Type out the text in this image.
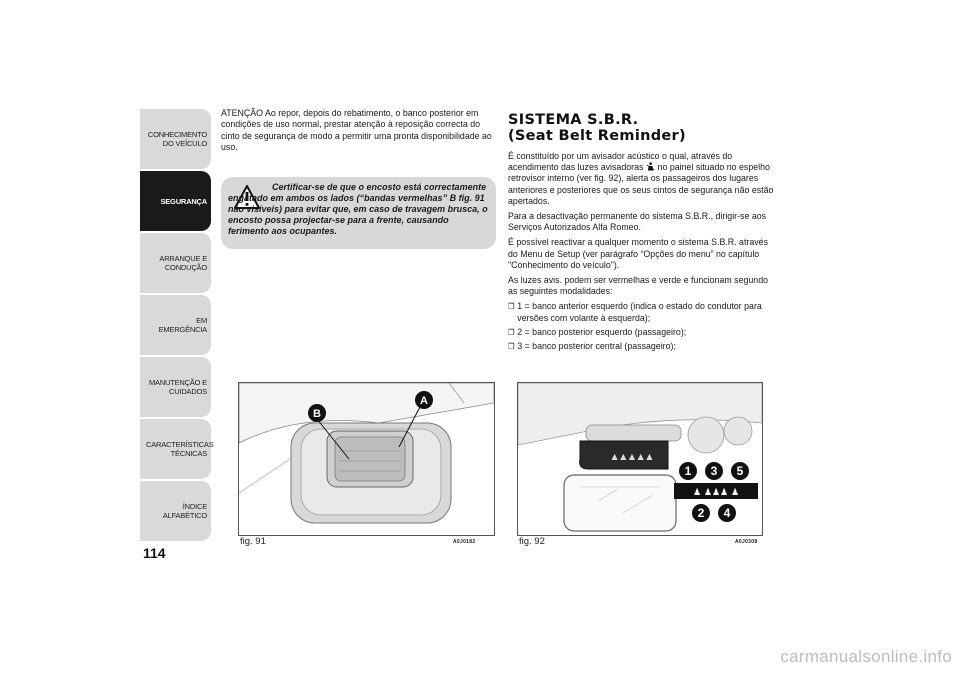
CONHECIMENTO DO VEÍCULO
SEGURANÇA
ARRANQUE E CONDUÇÃO
EM EMERGÊNCIA
MANUTENÇÃO E CUIDADOS
CARACTERÍSTICAS TÉCNICAS
ÍNDICE ALFABÉTICO
114

ATENÇÃO Ao repor, depois do rebatimento, o banco posterior em condições de uso normal, prestar atenção à reposição correcta do cinto de segurança de modo a permitir uma pronta disponibilidade ao uso.

Certificar-se de que o encosto está correctamente engatado em ambos os lados (“bandas vermelhas” B fig. 91 não visíveis) para evitar que, em caso de travagem brusca, o encosto possa projectar-se para a frente, causando ferimento aos ocupantes.

B
A
fig. 91	A0J0182
SISTEMA S.B.R.
(Seat Belt Reminder)

É constituído por um avisador acústico o qual, através do acendimento das luzes avisadoras no painel situado no espelho retrovisor interno (ver fig. 92), alerta os passageiros dos lugares anteriores e posteriores que os seus cintos de segurança não estão apertados.

Para a desactivação permanente do sistema S.B.R., dirigir-se aos Serviços Autorizados Alfa Romeo.

É possível reactivar a qualquer momento o sistema S.B.R. através do Menu de Setup (ver parágrafo “Opções do menu” no capítulo "Conhecimento do veículo").

As luzes avis. podem ser vermelhas e verde e funcionam segundo as seguintes modalidades:

❒ 1 = banco anterior esquerdo (indica o estado do condutor para versões com volante à esquerda);
❒ 2 = banco posterior esquerdo (passageiro);
❒ 3 = banco posterior central (passageiro);
▲ ▲ ▲ ▲ ▲
♟ ♟♟♟ ♟
1 3 5
2 4
fig. 92	A0J0308
carmanualsonline.info
